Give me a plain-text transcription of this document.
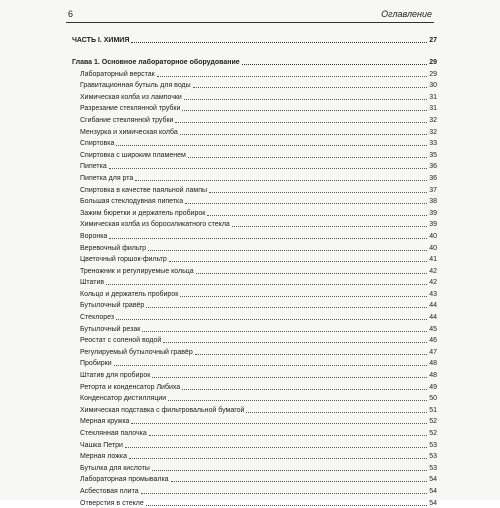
6	Оглавление
ЧАСТЬ I. ХИМИЯ	27
Глава 1. Основное лабораторное оборудование	29
Лабораторный верстак	29
Гравитационная бутыль для воды	30
Химическая колба из лампочки	31
Разрезание стеклянной трубки	31
Сгибание стеклянной трубки	32
Мензурка и химическая колба	32
Спиртовка	33
Спиртовка с широким пламенем	35
Пипетка	36
Пипетка для рта	36
Спиртовка в качестве паяльной лампы	37
Большая стеклодувная пипетка	38
Зажим бюретки и держатель пробирок	39
Химическая колба из боросиликатного стекла	39
Воронка	40
Веревочный фильтр	40
Цветочный горшок-фильтр	41
Треножник и регулируемые кольца	42
Штатив	42
Кольцо и держатель пробирок	43
Бутылочный гравёр	44
Стеклорез	44
Бутылочный резак	45
Реостат с соленой водой	46
Регулируемый бутылочный гравёр	47
Пробирки	48
Штатив для пробирок	48
Реторта и конденсатор Либиха	49
Конденсатор дистилляции	50
Химическая подставка с фильтровальной бумагой	51
Мерная кружка	52
Стеклянная палочка	52
Чашка Петри	53
Мерная ложка	53
Бутылка для кислоты	53
Лабораторная промывалка	54
Асбестовая плита	54
Отверстия в стекле	54
